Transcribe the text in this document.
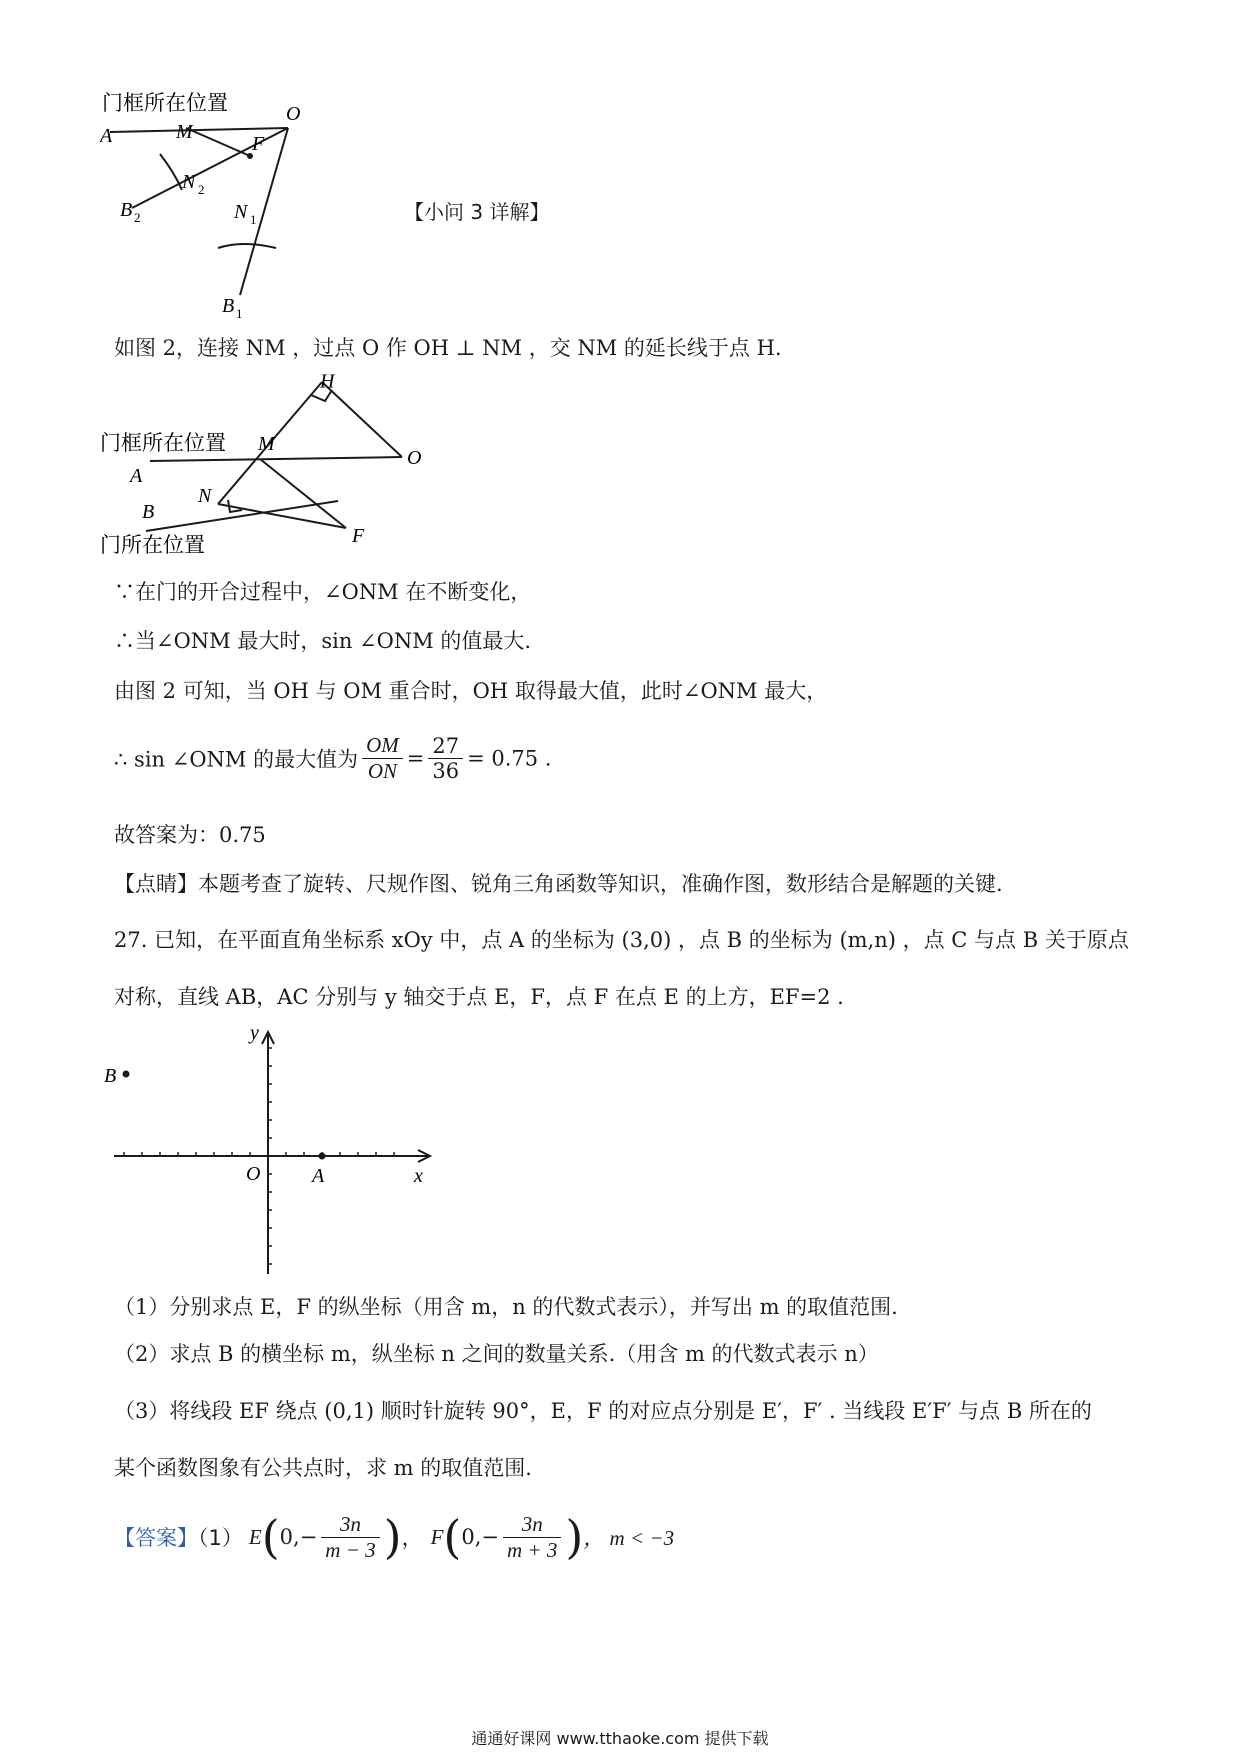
门框所在位置	O
A	M
F
N 2
B 2	N 1
B 1
【小问 3 详解】
如图 2，连接 NM ，过点 O 作 OH ⊥ NM ，交 NM 的延长线于点 H.
H
门框所在位置 M
O
A
N
B
F
门所在位置
∵在门的开合过程中，∠ONM 在不断变化，
∴当∠ONM 最大时，sin ∠ONM 的值最大.
由图 2 可知，当 OH 与 OM 重合时，OH 取得最大值，此时∠ONM 最大，
∴ sin ∠ONM 的最大值为 $\frac{OM}{ON} = \frac{27}{36} = 0.75$ .
故答案为：0.75
【点睛】本题考查了旋转、尺规作图、锐角三角函数等知识，准确作图，数形结合是解题的关键.
27. 已知，在平面直角坐标系 xOy 中，点 A 的坐标为 (3,0) ，点 B 的坐标为 (m,n) ，点 C 与点 B 关于原点
对称，直线 AB，AC 分别与 y 轴交于点 E，F，点 F 在点 E 的上方，EF=2 .
y
x
O	A
B
（1）分别求点 E，F 的纵坐标（用含 m，n 的代数式表示），并写出 m 的取值范围.
（2）求点 B 的横坐标 m，纵坐标 n 之间的数量关系.（用含 m 的代数式表示 n）
（3）将线段 EF 绕点 (0,1) 顺时针旋转 90°，E，F 的对应点分别是 E′，F′ . 当线段 E′F′ 与点 B 所在的
某个函数图象有公共点时，求 m 的取值范围.
【答案】（1） $E(0,- \frac{3n}{m - 3}$ )， $F(0,- \frac{3n}{m + 3}$ )， m < −3
通通好课网 www.tthaoke.com 提供下载
